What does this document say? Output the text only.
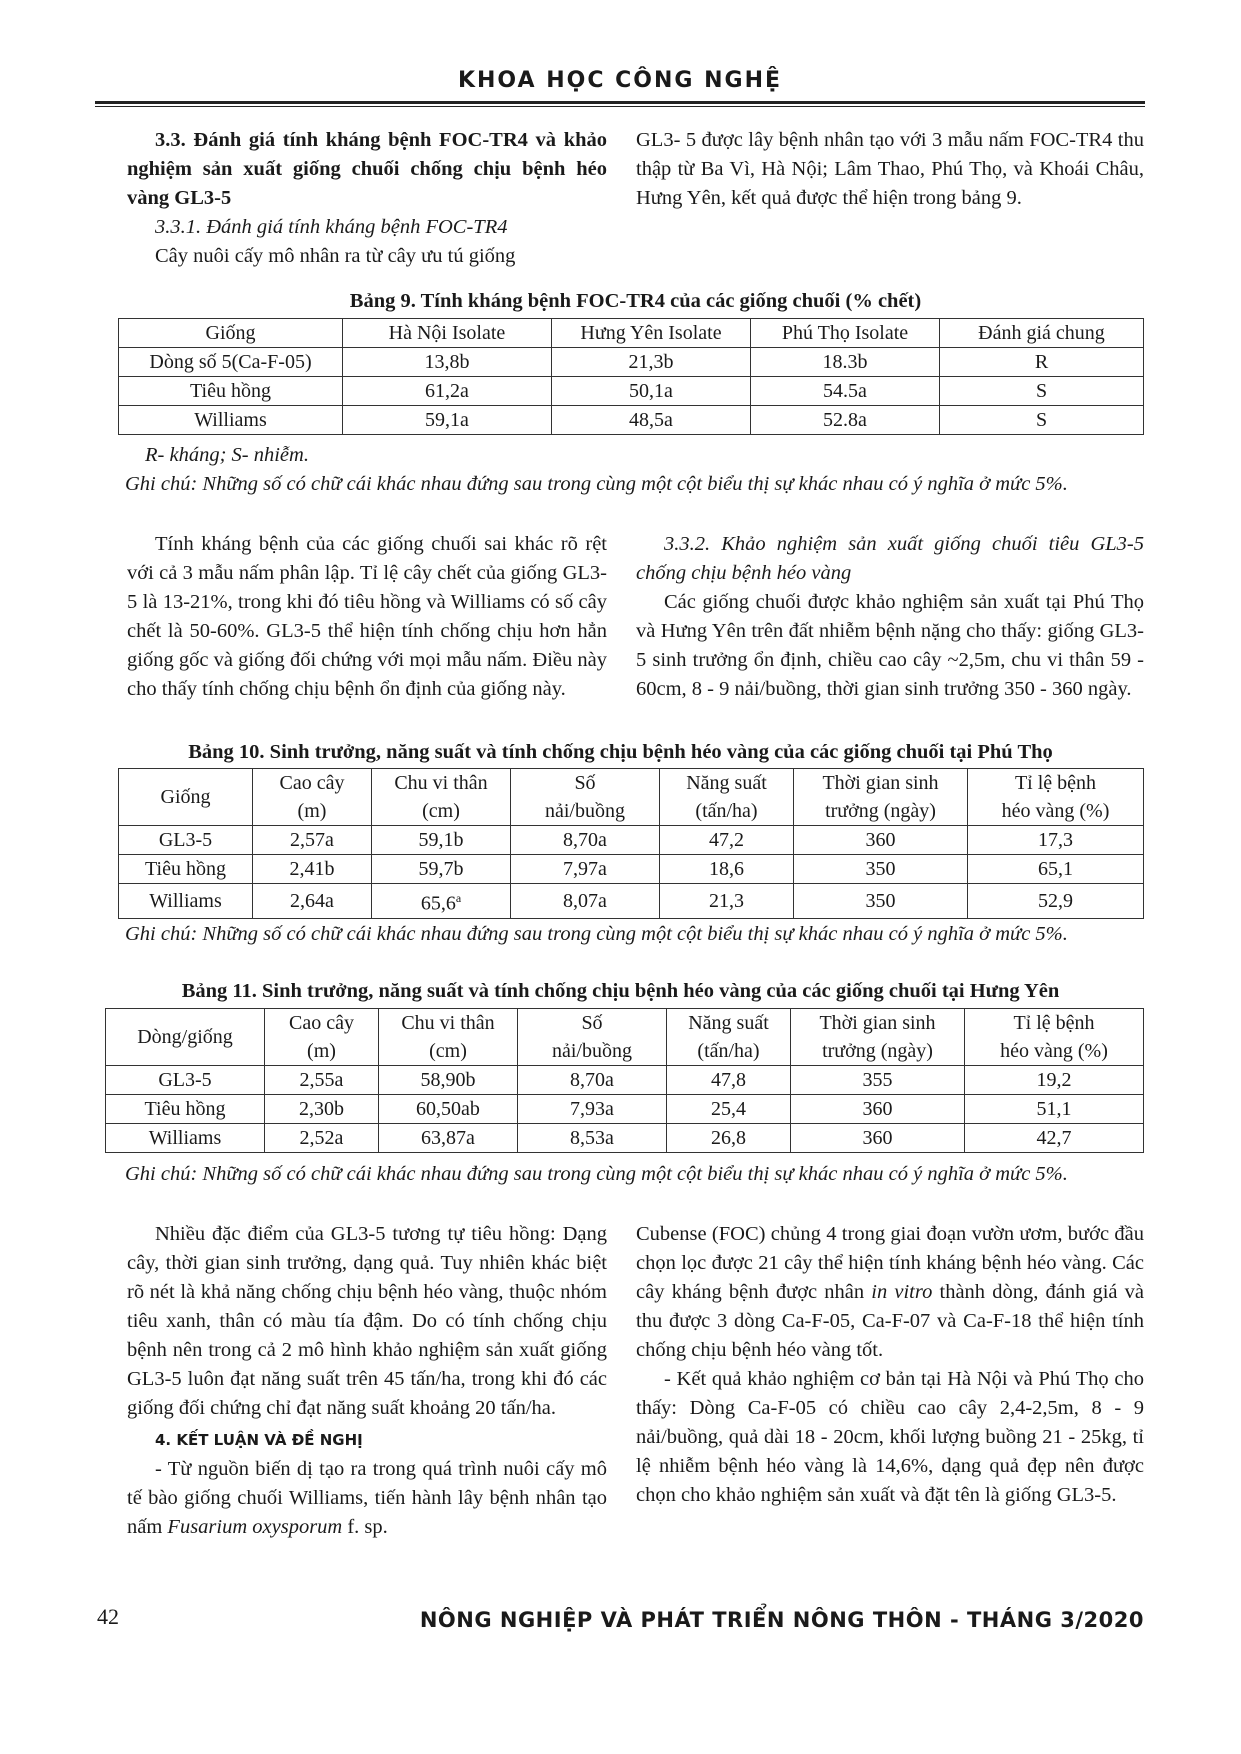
KHOA HỌC CÔNG NGHỆ

3.3. Đánh giá tính kháng bệnh FOC-TR4 và khảo nghiệm sản xuất giống chuối chống chịu bệnh héo vàng GL3-5

3.3.1. Đánh giá tính kháng bệnh FOC-TR4

Cây nuôi cấy mô nhân ra từ cây ưu tú giống

GL3- 5 được lây bệnh nhân tạo với 3 mẫu nấm FOC-TR4 thu thập từ Ba Vì, Hà Nội; Lâm Thao, Phú Thọ, và Khoái Châu, Hưng Yên, kết quả được thể hiện trong bảng 9.

Bảng 9. Tính kháng bệnh FOC-TR4 của các giống chuối (% chết)
Giống	Hà Nội Isolate	Hưng Yên Isolate	Phú Thọ Isolate	Đánh giá chung
Dòng số 5(Ca-F-05)	13,8b	21,3b	18.3b	R
Tiêu hồng	61,2a	50,1a	54.5a	S
Williams	59,1a	48,5a	52.8a	S
R- kháng; S- nhiễm.
Ghi chú: Những số có chữ cái khác nhau đứng sau trong cùng một cột biểu thị sự khác nhau có ý nghĩa ở mức 5%.

Tính kháng bệnh của các giống chuối sai khác rõ rệt với cả 3 mẫu nấm phân lập. Tỉ lệ cây chết của giống GL3-5 là 13-21%, trong khi đó tiêu hồng và Williams có số cây chết là 50-60%. GL3-5 thể hiện tính chống chịu hơn hẳn giống gốc và giống đối chứng với mọi mẫu nấm. Điều này cho thấy tính chống chịu bệnh ổn định của giống này.

3.3.2. Khảo nghiệm sản xuất giống chuối tiêu GL3-5 chống chịu bệnh héo vàng

Các giống chuối được khảo nghiệm sản xuất tại Phú Thọ và Hưng Yên trên đất nhiễm bệnh nặng cho thấy: giống GL3-5 sinh trưởng ổn định, chiều cao cây ~2,5m, chu vi thân 59 - 60cm, 8 - 9 nải/buồng, thời gian sinh trưởng 350 - 360 ngày.

Bảng 10. Sinh trưởng, năng suất và tính chống chịu bệnh héo vàng của các giống chuối tại Phú Thọ
Giống	Cao cây	Chu vi thân	Số	Năng suất	Thời gian sinh	Tỉ lệ bệnh
	(m)	(cm)	nải/buồng	(tấn/ha)	trưởng (ngày)	héo vàng (%)
GL3-5	2,57a	59,1b	8,70a	47,2	360	17,3
Tiêu hồng	2,41b	59,7b	7,97a	18,6	350	65,1
Williams	2,64a	65,6$^a$	8,07a	21,3	350	52,9
Ghi chú: Những số có chữ cái khác nhau đứng sau trong cùng một cột biểu thị sự khác nhau có ý nghĩa ở mức 5%.
Bảng 11. Sinh trưởng, năng suất và tính chống chịu bệnh héo vàng của các giống chuối tại Hưng Yên
Dòng/giống	Cao cây	Chu vi thân	Số	Năng suất	Thời gian sinh	Tỉ lệ bệnh
	(m)	(cm)	nải/buồng	(tấn/ha)	trưởng (ngày)	héo vàng (%)
GL3-5	2,55a	58,90b	8,70a	47,8	355	19,2
Tiêu hồng	2,30b	60,50ab	7,93a	25,4	360	51,1
Williams	2,52a	63,87a	8,53a	26,8	360	42,7
Ghi chú: Những số có chữ cái khác nhau đứng sau trong cùng một cột biểu thị sự khác nhau có ý nghĩa ở mức 5%.

Nhiều đặc điểm của GL3-5 tương tự tiêu hồng: Dạng cây, thời gian sinh trưởng, dạng quả. Tuy nhiên khác biệt rõ nét là khả năng chống chịu bệnh héo vàng, thuộc nhóm tiêu xanh, thân có màu tía đậm. Do có tính chống chịu bệnh nên trong cả 2 mô hình khảo nghiệm sản xuất giống GL3-5 luôn đạt năng suất trên 45 tấn/ha, trong khi đó các giống đối chứng chỉ đạt năng suất khoảng 20 tấn/ha.

4. KẾT LUẬN VÀ ĐỀ NGHỊ

- Từ nguồn biến dị tạo ra trong quá trình nuôi cấy mô tế bào giống chuối Williams, tiến hành lây bệnh nhân tạo nấm Fusarium oxysporum f. sp.

Cubense (FOC) chủng 4 trong giai đoạn vườn ươm, bước đầu chọn lọc được 21 cây thể hiện tính kháng bệnh héo vàng. Các cây kháng bệnh được nhân in vitro thành dòng, đánh giá và thu được 3 dòng Ca-F-05, Ca-F-07 và Ca-F-18 thể hiện tính chống chịu bệnh héo vàng tốt.

- Kết quả khảo nghiệm cơ bản tại Hà Nội và Phú Thọ cho thấy: Dòng Ca-F-05 có chiều cao cây 2,4-2,5m, 8 - 9 nải/buồng, quả dài 18 - 20cm, khối lượng buồng 21 - 25kg, tỉ lệ nhiễm bệnh héo vàng là 14,6%, dạng quả đẹp nên được chọn cho khảo nghiệm sản xuất và đặt tên là giống GL3-5.

42	NÔNG NGHIỆP VÀ PHÁT TRIỂN NÔNG THÔN - THÁNG 3/2020
